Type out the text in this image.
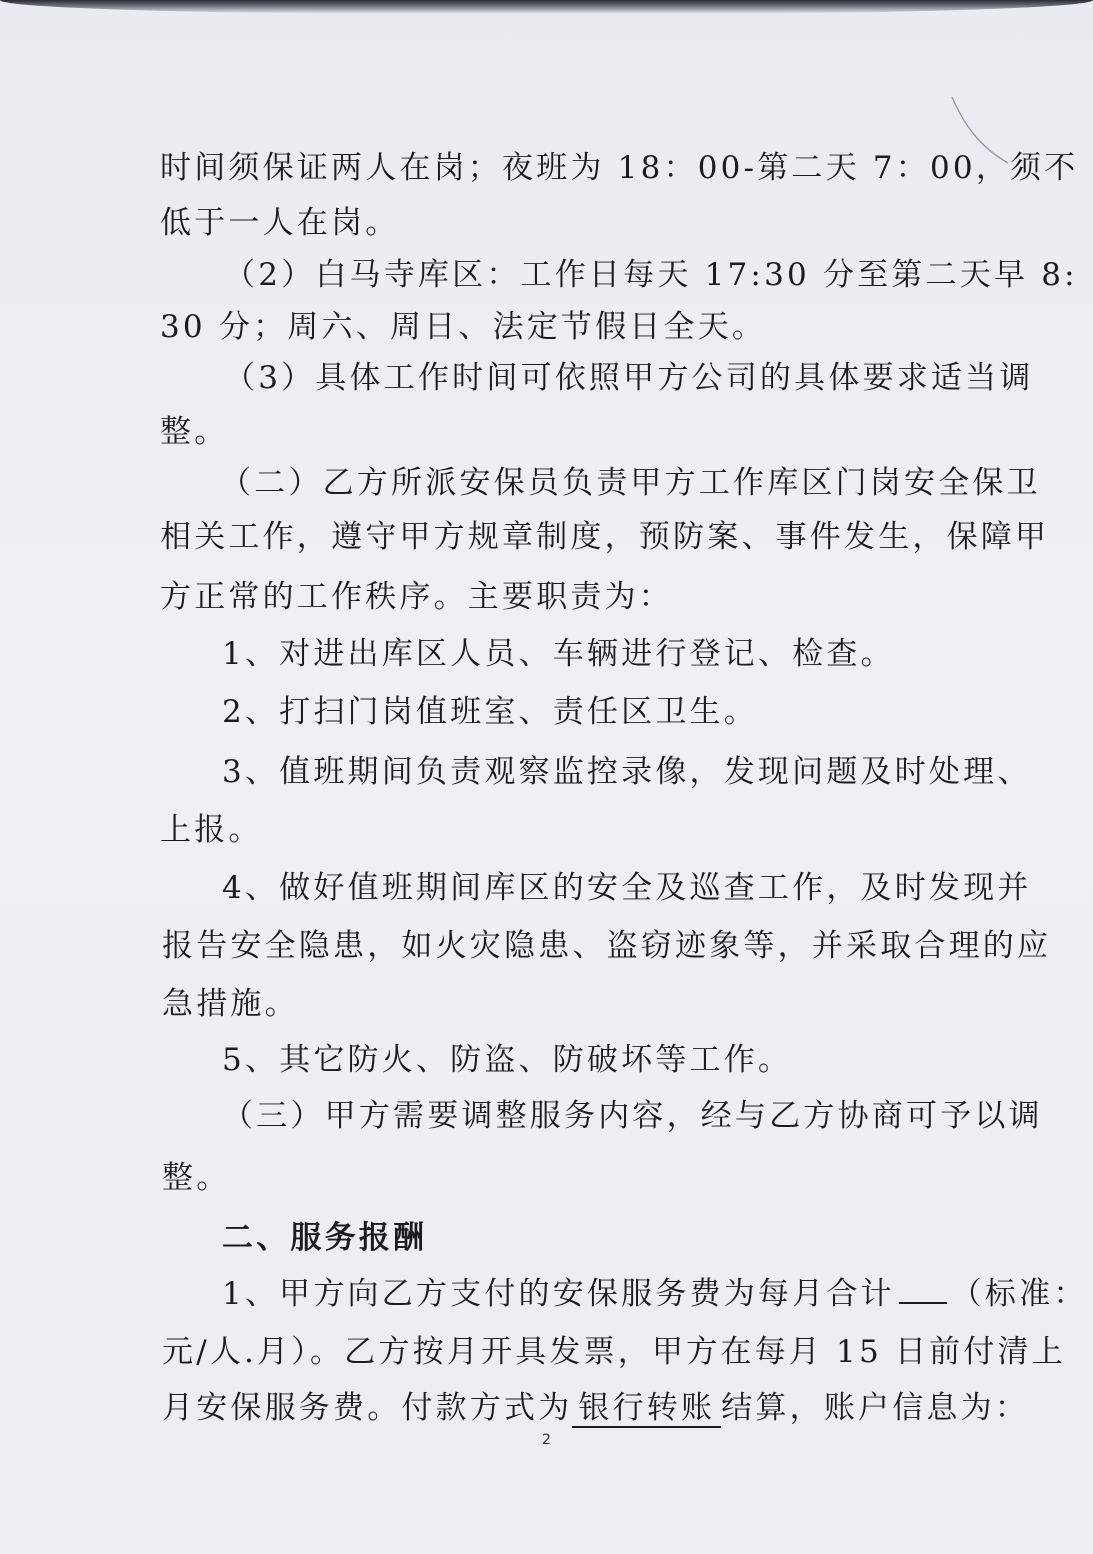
时间须保证两人在岗；夜班为 18：00-第二天 7：00，须不
低于一人在岗。
（2）白马寺库区：工作日每天 17:30 分至第二天早 8:
30 分；周六、周日、法定节假日全天。
（3）具体工作时间可依照甲方公司的具体要求适当调
整。
（二）乙方所派安保员负责甲方工作库区门岗安全保卫
相关工作，遵守甲方规章制度，预防案、事件发生，保障甲
方正常的工作秩序。主要职责为：
1、对进出库区人员、车辆进行登记、检查。
2、打扫门岗值班室、责任区卫生。
3、值班期间负责观察监控录像，发现问题及时处理、
上报。
4、做好值班期间库区的安全及巡查工作，及时发现并
报告安全隐患，如火灾隐患、盗窃迹象等，并采取合理的应
急措施。
5、其它防火、防盗、防破坏等工作。
（三）甲方需要调整服务内容，经与乙方协商可予以调
整。
二、服务报酬
1、甲方向乙方支付的安保服务费为每月合计 （标准：
元/人.月）。乙方按月开具发票，甲方在每月 15 日前付清上
月安保服务费。付款方式为 银行转账 结算，账户信息为：
2
